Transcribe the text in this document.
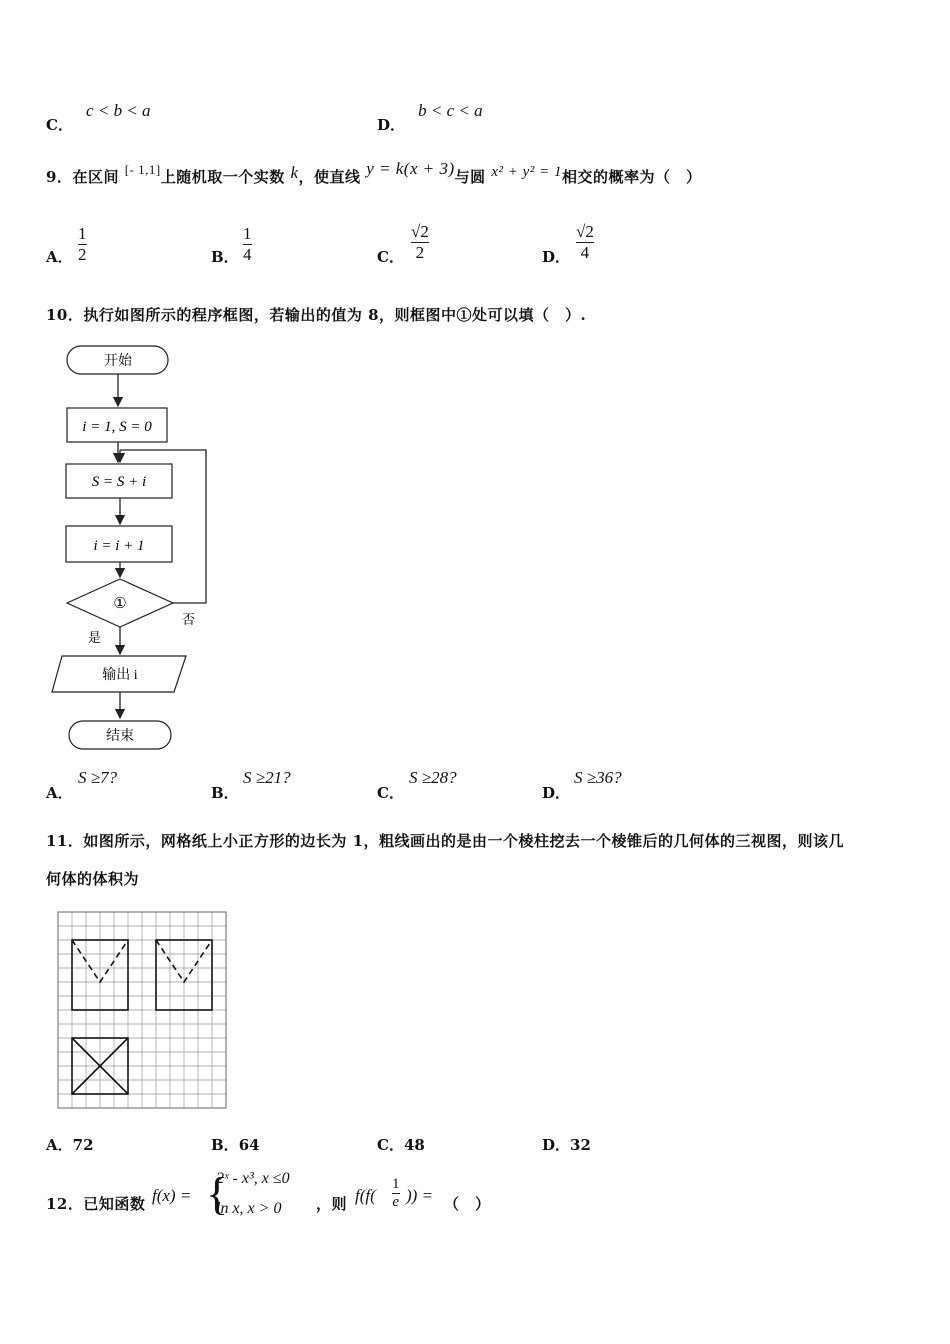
C． c < b < a
D． b < c < a
9．在区间 [- 1,1]上随机取一个实数 k，使直线 y = k(x + 3)与圆 x² + y² = 1相交的概率为（　）
A．
1
2	B．
1
4	C．
√2
2	D．
√2
4
10．执行如图所示的程序框图，若输出的值为 8，则框图中①处可以填（　）.
开始
i = 1, S = 0
S = S + i
i = i + 1
①
否
是
输出 i
结束
A．
S ≥7?
B．
S ≥21?
C．
S ≥28?
D．
S ≥36?
11．如图所示，网格纸上小正方形的边长为 1，粗线画出的是由一个棱柱挖去一个棱锥后的几何体的三视图，则该几
何体的体积为
A．72	B．64	C．48	D．32
12．已知函数 f(x) = {
2ˣ - x³, x ≤0
ln x, x > 0 ，则 f(f(
1
e )) = （　）
